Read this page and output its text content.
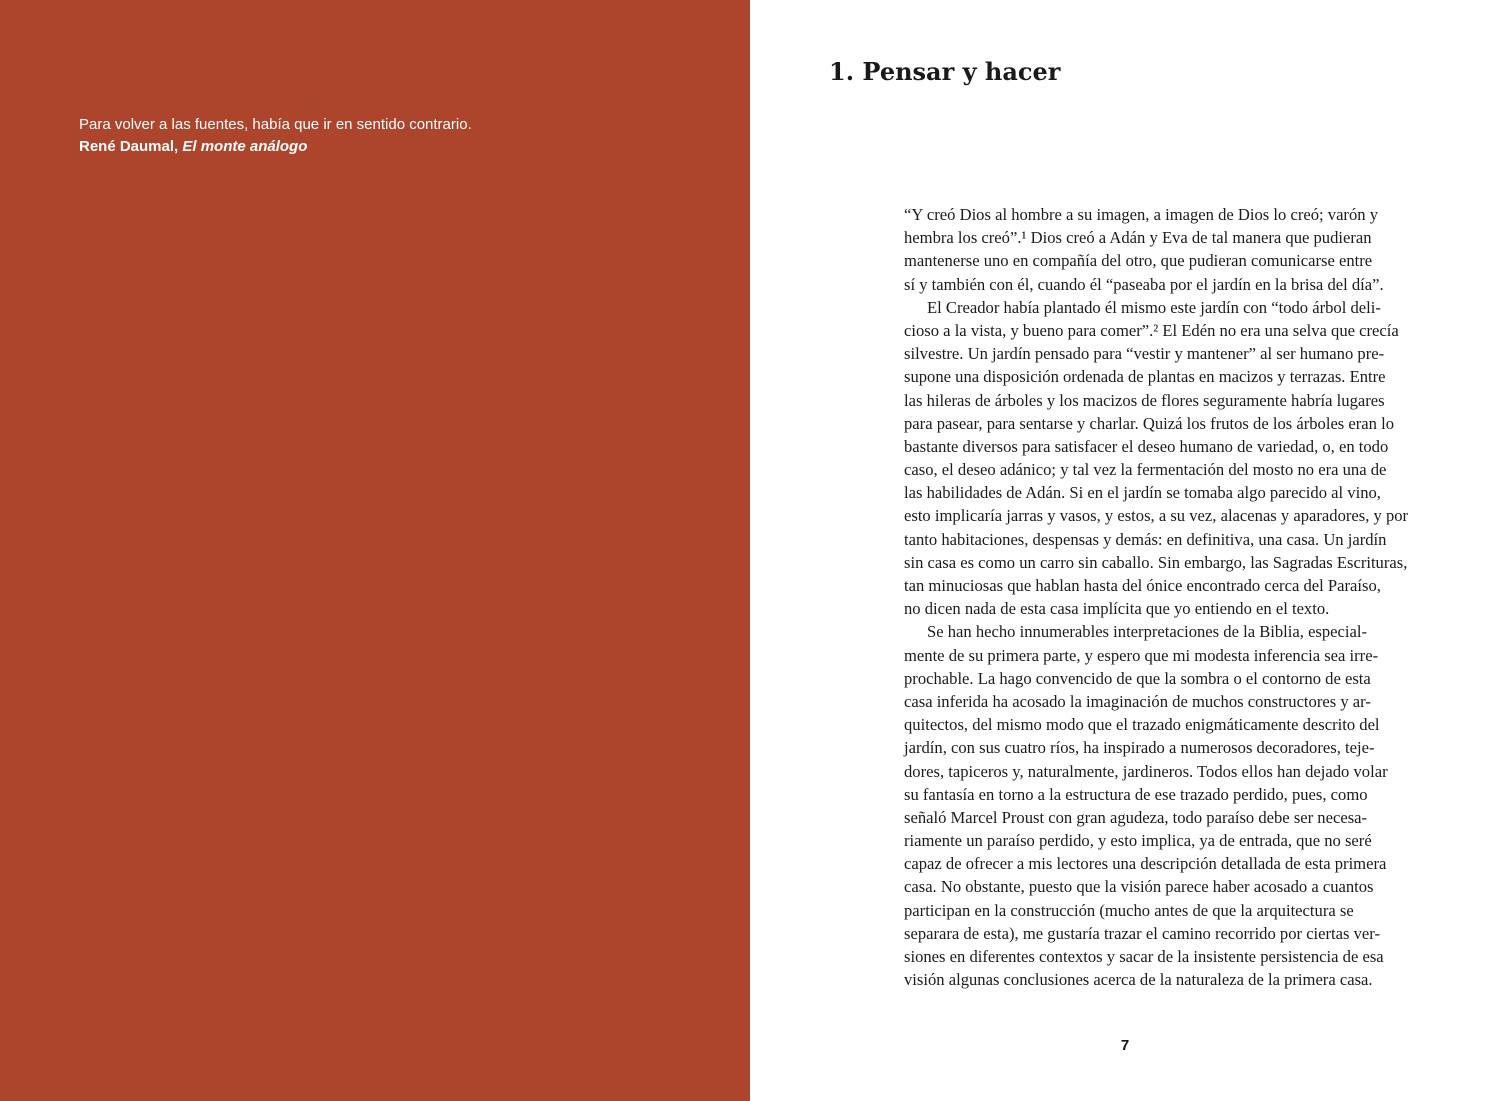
Para volver a las fuentes, había que ir en sentido contrario.
René Daumal, El monte análogo

1. Pensar y hacer
“Y creó Dios al hombre a su imagen, a imagen de Dios lo creó; varón y
hembra los creó”.¹ Dios creó a Adán y Eva de tal manera que pudieran
mantenerse uno en compañía del otro, que pudieran comunicarse entre
sí y también con él, cuando él “paseaba por el jardín en la brisa del día”.
El Creador había plantado él mismo este jardín con “todo árbol deli-
cioso a la vista, y bueno para comer”.² El Edén no era una selva que crecía
silvestre. Un jardín pensado para “vestir y mantener” al ser humano pre-
supone una disposición ordenada de plantas en macizos y terrazas. Entre
las hileras de árboles y los macizos de flores seguramente habría lugares
para pasear, para sentarse y charlar. Quizá los frutos de los árboles eran lo
bastante diversos para satisfacer el deseo humano de variedad, o, en todo
caso, el deseo adánico; y tal vez la fermentación del mosto no era una de
las habilidades de Adán. Si en el jardín se tomaba algo parecido al vino,
esto implicaría jarras y vasos, y estos, a su vez, alacenas y aparadores, y por
tanto habitaciones, despensas y demás: en definitiva, una casa. Un jardín
sin casa es como un carro sin caballo. Sin embargo, las Sagradas Escrituras,
tan minuciosas que hablan hasta del ónice encontrado cerca del Paraíso,
no dicen nada de esta casa implícita que yo entiendo en el texto.
Se han hecho innumerables interpretaciones de la Biblia, especial-
mente de su primera parte, y espero que mi modesta inferencia sea irre-
prochable. La hago convencido de que la sombra o el contorno de esta
casa inferida ha acosado la imaginación de muchos constructores y ar-
quitectos, del mismo modo que el trazado enigmáticamente descrito del
jardín, con sus cuatro ríos, ha inspirado a numerosos decoradores, teje-
dores, tapiceros y, naturalmente, jardineros. Todos ellos han dejado volar
su fantasía en torno a la estructura de ese trazado perdido, pues, como
señaló Marcel Proust con gran agudeza, todo paraíso debe ser necesa-
riamente un paraíso perdido, y esto implica, ya de entrada, que no seré
capaz de ofrecer a mis lectores una descripción detallada de esta primera
casa. No obstante, puesto que la visión parece haber acosado a cuantos
participan en la construcción (mucho antes de que la arquitectura se
separara de esta), me gustaría trazar el camino recorrido por ciertas ver-
siones en diferentes contextos y sacar de la insistente persistencia de esa
visión algunas conclusiones acerca de la naturaleza de la primera casa.
7
